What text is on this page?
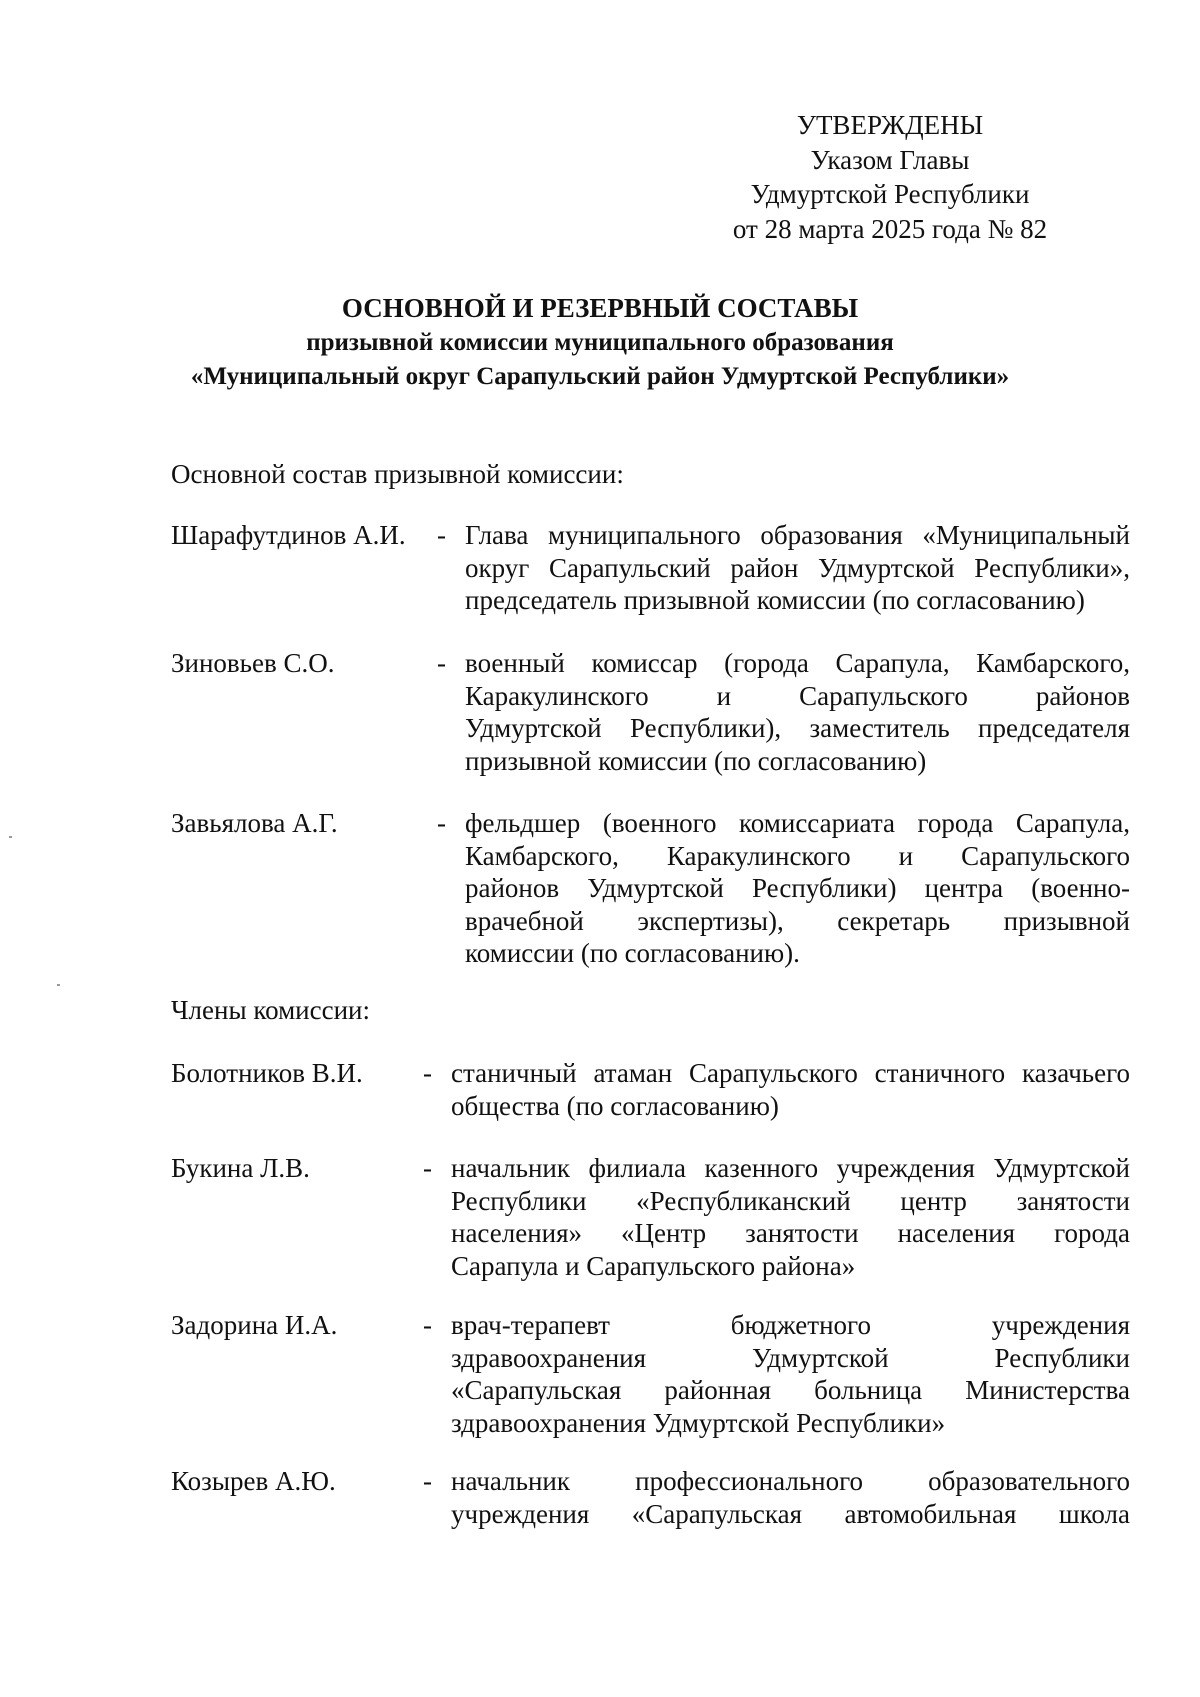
УТВЕРЖДЕНЫ
Указом Главы
Удмуртской Республики
от 28 марта 2025 года № 82
ОСНОВНОЙ И РЕЗЕРВНЫЙ СОСТАВЫ
призывной комиссии муниципального образования
«Муниципальный округ Сарапульский район Удмуртской Республики»
Основной состав призывной комиссии:
Шарафутдинов А.И. - Глава муниципального образования «Муниципальный
округ Сарапульский район Удмуртской Республики»,
председатель призывной комиссии (по согласованию)
Зиновьев С.О.	- военный комиссар (города Сарапула, Камбарского,
Каракулинского и Сарапульского районов
Удмуртской Республики), заместитель председателя
призывной комиссии (по согласованию)
Завьялова А.Г.	- фельдшер (военного комиссариата города Сарапула,
Камбарского, Каракулинского и Сарапульского
районов Удмуртской Республики) центра (военно-
врачебной экспертизы), секретарь призывной
комиссии (по согласованию).
Члены комиссии:
Болотников В.И. - станичный атаман Сарапульского станичного казачьего
общества (по согласованию)
Букина Л.В.	- начальник филиала казенного учреждения Удмуртской
Республики «Республиканский центр занятости
населения» «Центр занятости населения города
Сарапула и Сарапульского района»
Задорина И.А.	- врач-терапевт бюджетного учреждения
здравоохранения Удмуртской Республики
«Сарапульская районная больница Министерства
здравоохранения Удмуртской Республики»
Козырев А.Ю.	- начальник профессионального образовательного
учреждения «Сарапульская автомобильная школа
